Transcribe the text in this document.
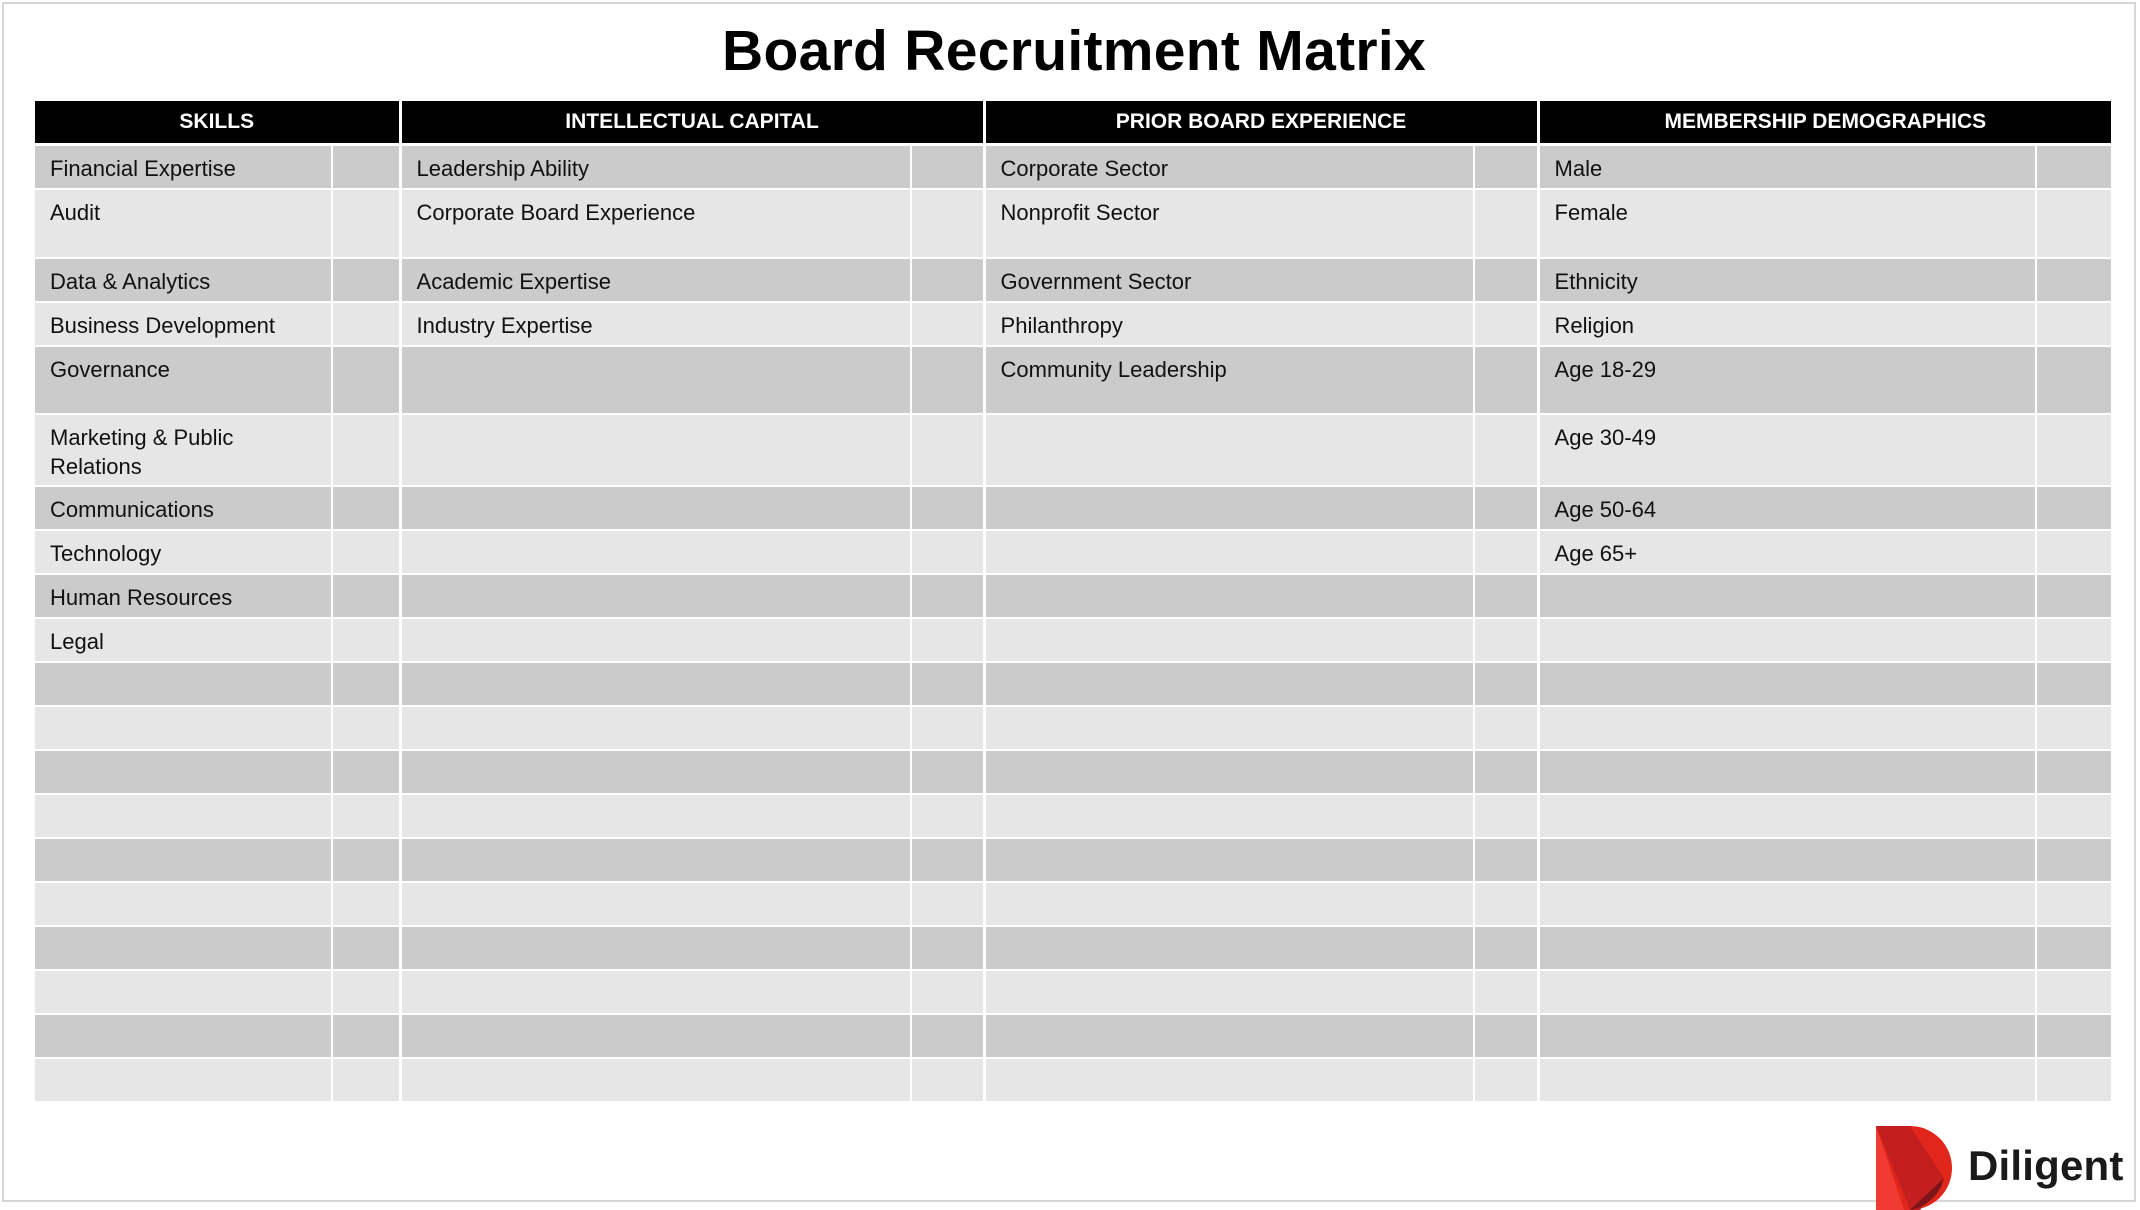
Board Recruitment Matrix
SKILLS		INTELLECTUAL CAPITAL		PRIOR BOARD EXPERIENCE		MEMBERSHIP DEMOGRAPHICS	
Financial Expertise		Leadership Ability		Corporate Sector		Male	
Audit		Corporate Board Experience		Nonprofit Sector		Female	
Data & Analytics		Academic Expertise		Government Sector		Ethnicity	
Business Development		Industry Expertise		Philanthropy		Religion	
Governance				Community Leadership		Age 18-29	
Marketing & Public
Relations						Age 30-49	
Communications						Age 50-64	
Technology						Age 65+	
Human Resources							
Legal							

Diligent
